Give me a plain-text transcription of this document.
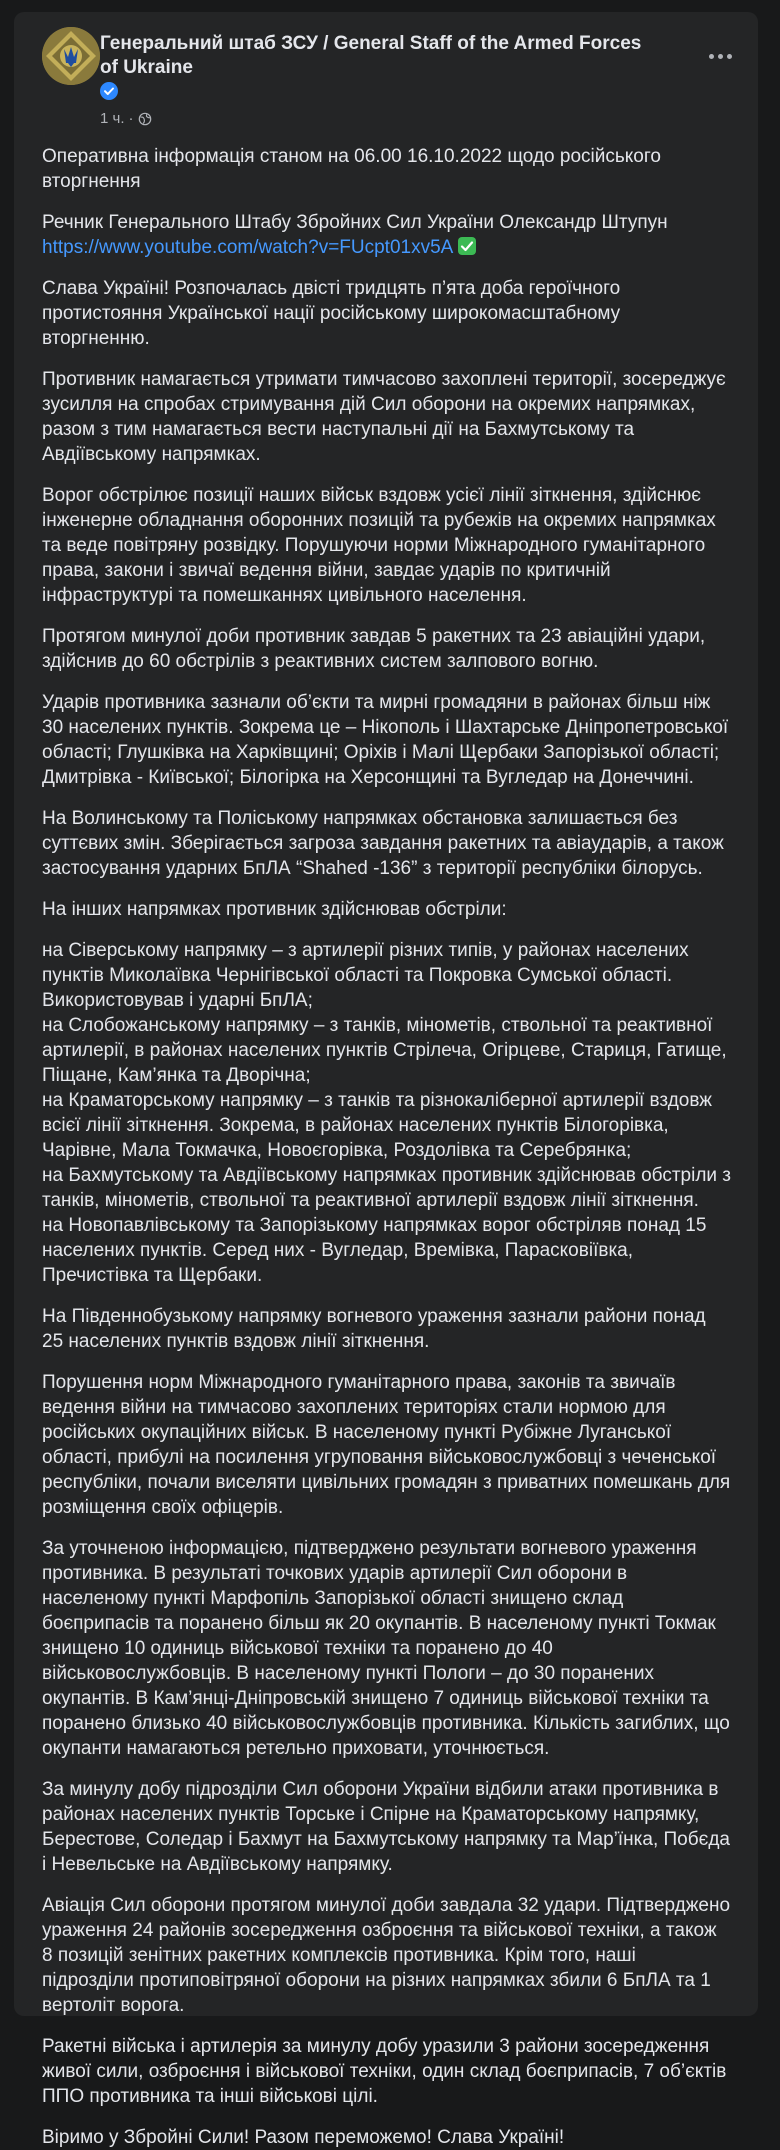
Генеральний штаб ЗСУ / General Staff of the Armed Forces of Ukraine
1 ч. ·

Оперативна інформація станом на 06.00 16.10.2022 щодо російського вторгнення

Речник Генерального Штабу Збройних Сил України Олександр Штупун
https://www.youtube.com/watch?v=FUcpt01xv5A

Слава Україні! Розпочалась двісті тридцять п’ята доба героїчного протистояння Української нації російському широкомасштабному вторгненню.

Противник намагається утримати тимчасово захоплені території, зосереджує зусилля на спробах стримування дій Сил оборони на окремих напрямках, разом з тим намагається вести наступальні дії на Бахмутському та Авдіївському напрямках.

Ворог обстрілює позиції наших військ вздовж усієї лінії зіткнення, здійснює інженерне обладнання оборонних позицій та рубежів на окремих напрямках та веде повітряну розвідку. Порушуючи норми Міжнародного гуманітарного права, закони і звичаї ведення війни, завдає ударів по критичній інфраструктурі та помешканнях цивільного населення.

Протягом минулої доби противник завдав 5 ракетних та 23 авіаційні удари, здійснив до 60 обстрілів з реактивних систем залпового вогню.

Ударів противника зазнали об’єкти та мирні громадяни в районах більш ніж 30 населених пунктів. Зокрема це – Нікополь і Шахтарське Дніпропетровської області; Глушківка на Харківщині; Оріхів і Малі Щербаки Запорізької області; Дмитрівка - Київської; Білогірка на Херсонщині та Вугледар на Донеччині.

На Волинському та Поліському напрямках обстановка залишається без суттєвих змін. Зберігається загроза завдання ракетних та авіаударів, а також застосування ударних БпЛА “Shahed -136” з території республіки білорусь.

На інших напрямках противник здійснював обстріли:

на Сіверському напрямку – з артилерії різних типів, у районах населених пунктів Миколаївка Чернігівської області та Покровка Сумської області. Використовував і ударні БпЛА;
на Слобожанському напрямку – з танків, мінометів, ствольної та реактивної артилерії, в районах населених пунктів Стрілеча, Огірцеве, Стариця, Гатище, Піщане, Кам’янка та Дворічна;
на Краматорському напрямку – з танків та різнокаліберної артилерії вздовж всієї лінії зіткнення. Зокрема, в районах населених пунктів Білогорівка, Чарівне, Мала Токмачка, Новоєгорівка, Роздолівка та Серебрянка;
на Бахмутському та Авдіївському напрямках противник здійснював обстріли з танків, мінометів, ствольної та реактивної артилерії вздовж лінії зіткнення.
на Новопавлівському та Запорізькому напрямках ворог обстріляв понад 15 населених пунктів. Серед них - Вугледар, Времівка, Парасковіївка, Пречистівка та Щербаки.

На Південнобузькому напрямку вогневого ураження зазнали райони понад 25 населених пунктів вздовж лінії зіткнення.

Порушення норм Міжнародного гуманітарного права, законів та звичаїв ведення війни на тимчасово захоплених територіях стали нормою для російських окупаційних військ. В населеному пункті Рубіжне Луганської області, прибулі на посилення угруповання військовослужбовці з чеченської республіки, почали виселяти цивільних громадян з приватних помешкань для розміщення своїх офіцерів.

За уточненою інформацією, підтверджено результати вогневого ураження противника. В результаті точкових ударів артилерії Сил оборони в населеному пункті Марфопіль Запорізької області знищено склад боєприпасів та поранено більш як 20 окупантів. В населеному пункті Токмак знищено 10 одиниць військової техніки та поранено до 40 військовослужбовців. В населеному пункті Пологи – до 30 поранених окупантів. В Кам’янці-Дніпровській знищено 7 одиниць військової техніки та поранено близько 40 військовослужбовців противника. Кількість загиблих, що окупанти намагаються ретельно приховати, уточнюється.

За минулу добу підрозділи Сил оборони України відбили атаки противника в районах населених пунктів Торське і Спірне на Краматорському напрямку, Берестове, Соледар і Бахмут на Бахмутському напрямку та Мар’їнка, Побєда і Невельське на Авдіївському напрямку.

Авіація Сил оборони протягом минулої доби завдала 32 удари. Підтверджено ураження 24 районів зосередження озброєння та військової техніки, а також 8 позицій зенітних ракетних комплексів противника. Крім того, наші підрозділи протиповітряної оборони на різних напрямках збили 6 БпЛА та 1 вертоліт ворога.

Ракетні війська і артилерія за минулу добу уразили 3 райони зосередження живої сили, озброєння і військової техніки, один склад боєприпасів, 7 об’єктів ППО противника та інші військові цілі.

Віримо у Збройні Сили! Разом переможемо! Слава Україні!
